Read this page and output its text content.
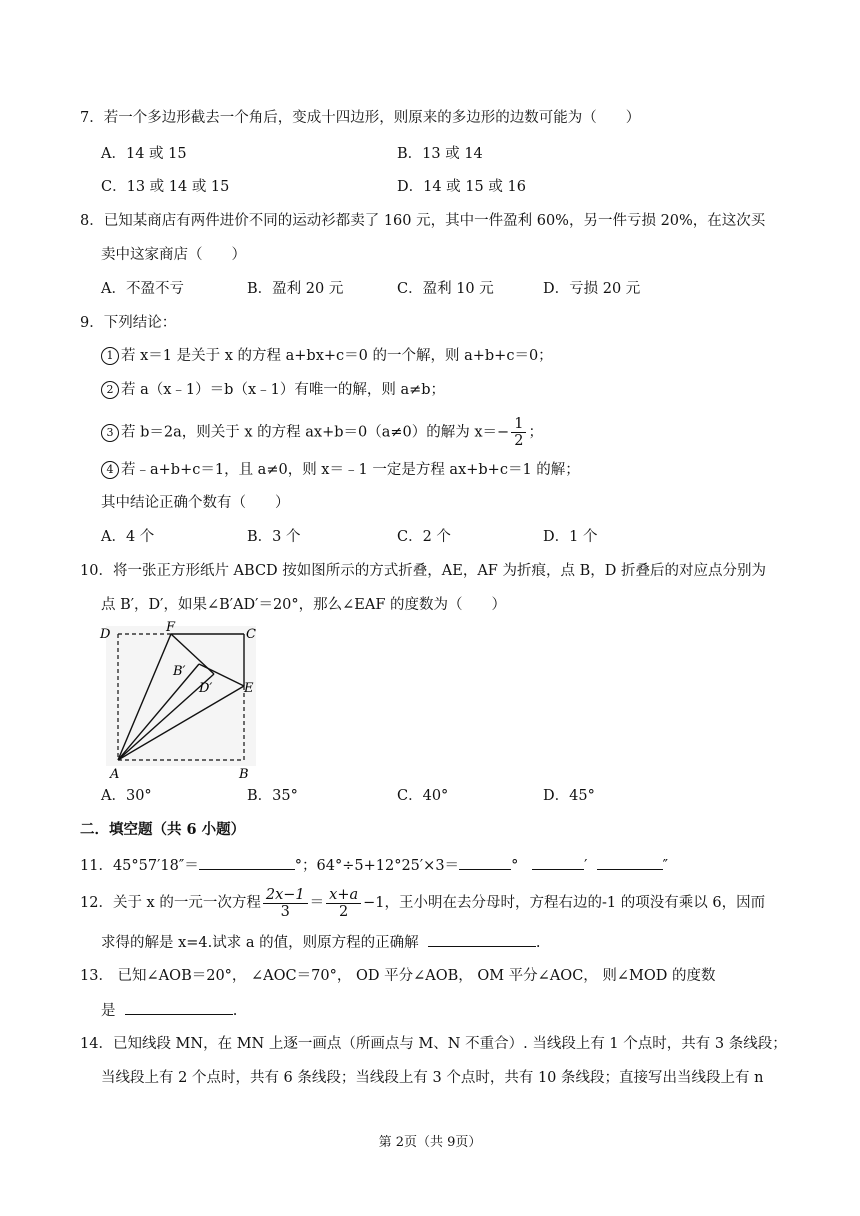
7．若一个多边形截去一个角后，变成十四边形，则原来的多边形的边数可能为（　　）
A．14 或 15	B．13 或 14
C．13 或 14 或 15	D．14 或 15 或 16
8．已知某商店有两件进价不同的运动衫都卖了 160 元，其中一件盈利 60%，另一件亏损 20%，在这次买
卖中这家商店（　　）
A．不盈不亏	B．盈利 20 元	C．盈利 10 元	D．亏损 20 元
9．下列结论：
1 若 x＝1 是关于 x 的方程 a+bx+c＝0 的一个解，则 a+b+c＝0；
2 若 a（x﹣1）＝b（x﹣1）有唯一的解，则 a≠b；
3 若 b＝2a，则关于 x 的方程 ax+b＝0（a≠0）的解为 $x=- \frac{1}{2}$ ；
4 若﹣a+b+c＝1，且 a≠0，则 x＝﹣1 一定是方程 ax+b+c＝1 的解；
其中结论正确个数有（　　）
A．4 个	B．3 个	C．2 个	D．1 个
10．将一张正方形纸片 ABCD 按如图所示的方式折叠，AE，AF 为折痕，点 B，D 折叠后的对应点分别为
点 B′，D′，如果∠B′AD′＝20°，那么∠EAF 的度数为（　　）
D	F	C
B′
D′ E
A	B
A．30°	B．35°	C．40°	D．45°
二．填空题（共 6 小题）
11．45°57′18″＝	°；64°÷5+12°25′×3＝	°	′	″
12．关于 x 的一元一次方程 $\frac{2x-1}{3} = \frac{x+a}{2} -1$，王小明在去分母时，方程右边的-1 的项没有乘以 6，因而
求得的解是 x=4.试求 a 的值，则原方程的正确解	.
13． 已知∠AOB＝20°， ∠AOC＝70°， OD 平分∠AOB， OM 平分∠AOC， 则∠MOD 的度数
是	.
14．已知线段 MN，在 MN 上逐一画点（所画点与 M、N 不重合）. 当线段上有 1 个点时，共有 3 条线段；
当线段上有 2 个点时，共有 6 条线段；当线段上有 3 个点时，共有 10 条线段；直接写出当线段上有 n
第 2页（共 9页）
